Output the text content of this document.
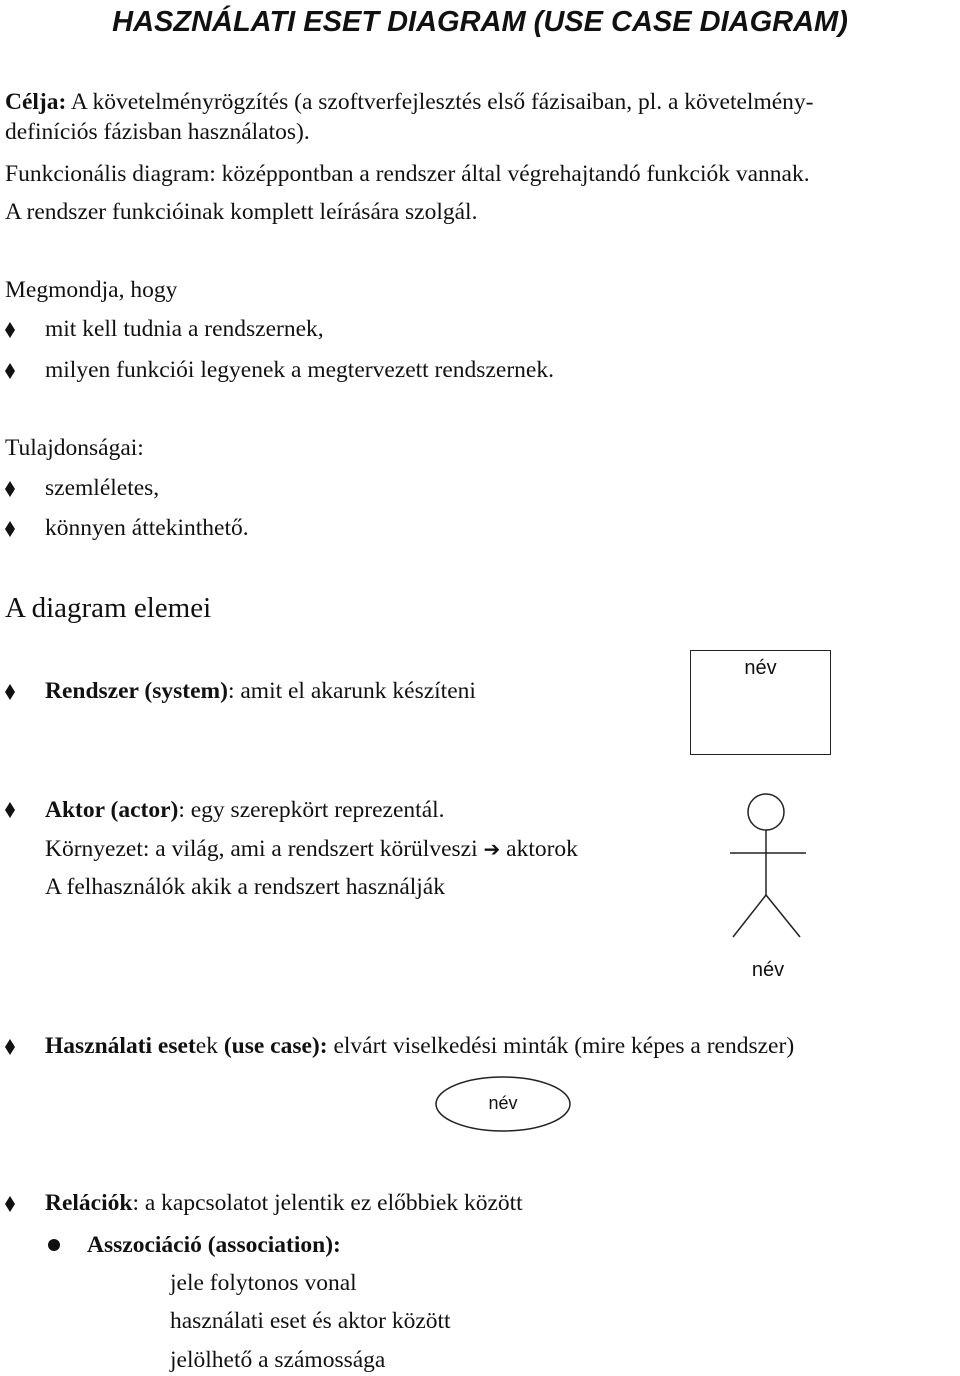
HASZNÁLATI ESET DIAGRAM (USE CASE DIAGRAM)
Célja: A követelményrögzítés (a szoftverfejlesztés első fázisaiban, pl. a követelmény-
definíciós fázisban használatos).
Funkcionális diagram: középpontban a rendszer által végrehajtandó funkciók vannak.
A rendszer funkcióinak komplett leírására szolgál.
Megmondja, hogy
mit kell tudnia a rendszernek,
milyen funkciói legyenek a megtervezett rendszernek.
Tulajdonságai:
szemléletes,
könnyen áttekinthető.
A diagram elemei
Rendszer (system): amit el akarunk készíteni
név
Aktor (actor): egy szerepkört reprezentál.
Környezet: a világ, ami a rendszert körülveszi ➔ aktorok
A felhasználók akik a rendszert használják
név
Használati esetek (use case): elvárt viselkedési minták (mire képes a rendszer)
név
Relációk: a kapcsolatot jelentik ez előbbiek között
Asszociáció (association):
jele folytonos vonal
használati eset és aktor között
jelölhető a számossága
